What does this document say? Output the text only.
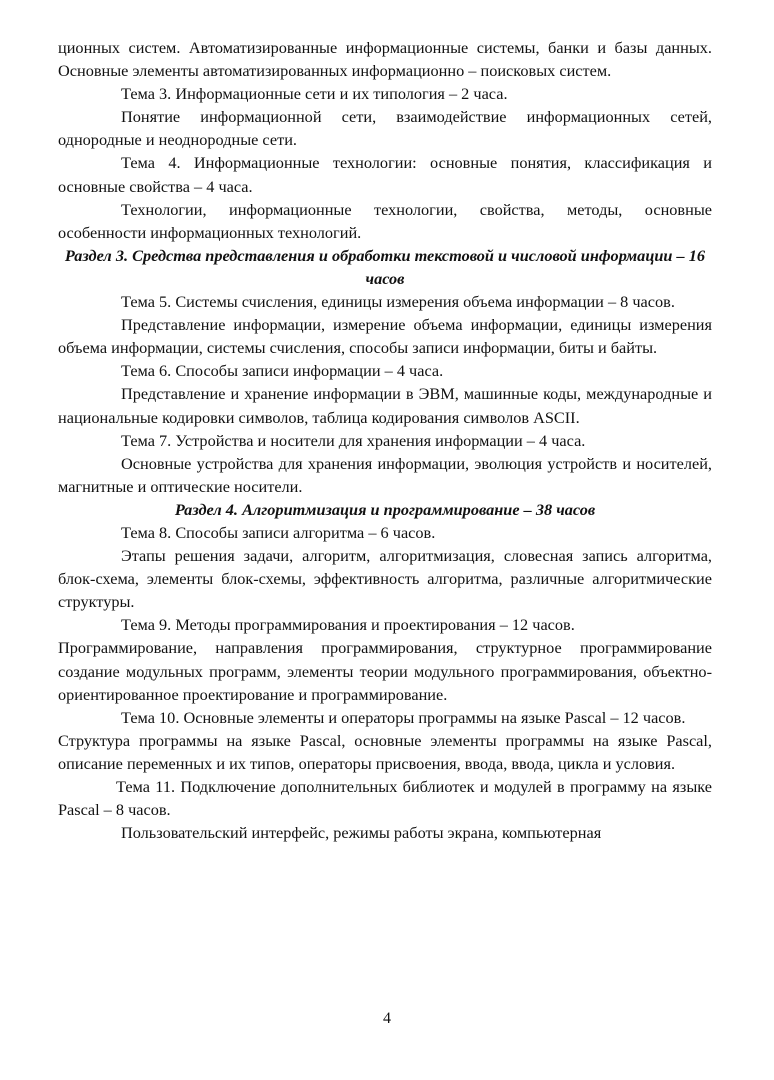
ционных систем. Автоматизированные информационные системы, банки и базы данных. Основные элементы автоматизированных информационно – поисковых систем.

Тема 3. Информационные сети и их типология – 2 часа.

Понятие информационной сети, взаимодействие информационных сетей, однородные и неоднородные сети.

Тема 4. Информационные технологии: основные понятия, классификация и основные свойства – 4 часа.

Технологии, информационные технологии, свойства, методы, основные особенности информационных технологий.

Раздел 3. Средства представления и обработки текстовой и числовой информации – 16 часов

Тема 5. Системы счисления, единицы измерения объема информации – 8 часов.

Представление информации, измерение объема информации, единицы измерения объема информации, системы счисления, способы записи информации, биты и байты.

Тема 6. Способы записи информации – 4 часа.

Представление и хранение информации в ЭВМ, машинные коды, международные и национальные кодировки символов, таблица кодирования символов ASCII.

Тема 7. Устройства и носители для хранения информации – 4 часа.

Основные устройства для хранения информации, эволюция устройств и носителей, магнитные и оптические носители.

Раздел 4. Алгоритмизация и программирование – 38 часов

Тема 8. Способы записи алгоритма – 6 часов.

Этапы решения задачи, алгоритм, алгоритмизация, словесная запись алгоритма, блок-схема, элементы блок-схемы, эффективность алгоритма, различные алгоритмические структуры.

Тема 9. Методы программирования и проектирования – 12 часов.

Программирование, направления программирования, структурное программирование создание модульных программ, элементы теории модульного программирования, объектно-ориентированное проектирование и программирование.

Тема 10. Основные элементы и операторы программы на языке Pascal – 12 часов.

Структура программы на языке Pascal, основные элементы программы на языке Pascal, описание переменных и их типов, операторы присвоения, ввода, ввода, цикла и условия.

Тема 11. Подключение дополнительных библиотек и модулей в программу на языке Pascal – 8 часов.

Пользовательский интерфейс, режимы работы экрана, компьютерная

4
